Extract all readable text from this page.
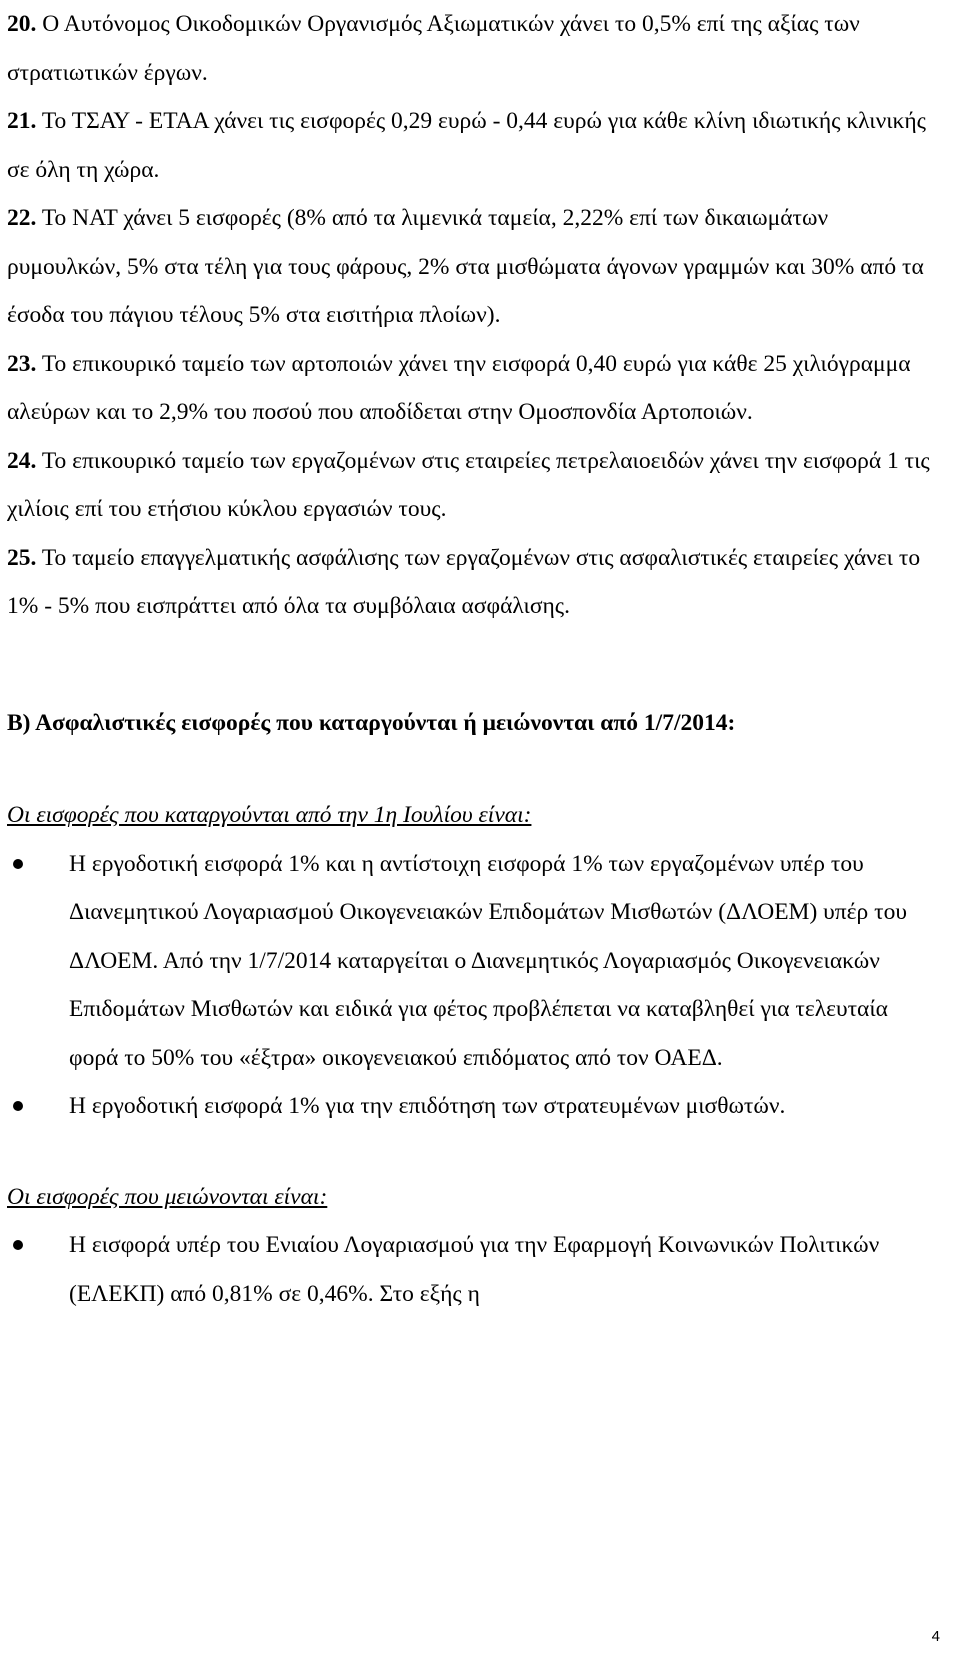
20. Ο Αυτόνομος Οικοδομικών Οργανισμός Αξιωματικών χάνει το 0,5% επί της αξίας των στρατιωτικών έργων.

21. Το ΤΣΑΥ - ΕΤΑΑ χάνει τις εισφορές 0,29 ευρώ - 0,44 ευρώ για κάθε κλίνη ιδιωτικής κλινικής σε όλη τη χώρα.

22. Το ΝΑΤ χάνει 5 εισφορές (8% από τα λιμενικά ταμεία, 2,22% επί των δικαιωμάτων ρυμουλκών, 5% στα τέλη για τους φάρους, 2% στα μισθώματα άγονων γραμμών και 30% από τα έσοδα του πάγιου τέλους 5% στα εισιτήρια πλοίων).

23. Το επικουρικό ταμείο των αρτοποιών χάνει την εισφορά 0,40 ευρώ για κάθε 25 χιλιόγραμμα αλεύρων και το 2,9% του ποσού που αποδίδεται στην Ομοσπονδία Αρτοποιών.

24. Το επικουρικό ταμείο των εργαζομένων στις εταιρείες πετρελαιοειδών χάνει την εισφορά 1 τις χιλίοις επί του ετήσιου κύκλου εργασιών τους.

25. Το ταμείο επαγγελματικής ασφάλισης των εργαζομένων στις ασφαλιστικές εταιρείες χάνει το 1% - 5% που εισπράττει από όλα τα συμβόλαια ασφάλισης.

Β) Ασφαλιστικές εισφορές που καταργούνται ή μειώνονται από 1/7/2014:

Οι εισφορές που καταργούνται από την 1η Ιουλίου είναι:

Η εργοδοτική εισφορά 1% και η αντίστοιχη εισφορά 1% των εργαζομένων υπέρ του Διανεμητικού Λογαριασμού Οικογενειακών Επιδομάτων Μισθωτών (ΔΛΟΕΜ) υπέρ του ΔΛΟΕΜ. Από την 1/7/2014 καταργείται ο Διανεμητικός Λογαριασμός Οικογενειακών Επιδομάτων Μισθωτών και ειδικά για φέτος προβλέπεται να καταβληθεί για τελευταία φορά το 50% του «έξτρα» οικογενειακού επιδόματος από τον ΟΑΕΔ.
Η εργοδοτική εισφορά 1% για την επιδότηση των στρατευμένων μισθωτών.

Οι εισφορές που μειώνονται είναι:

Η εισφορά υπέρ του Ενιαίου Λογαριασμού για την Εφαρμογή Κοινωνικών Πολιτικών (ΕΛΕΚΠ) από 0,81% σε 0,46%. Στο εξής η
4
